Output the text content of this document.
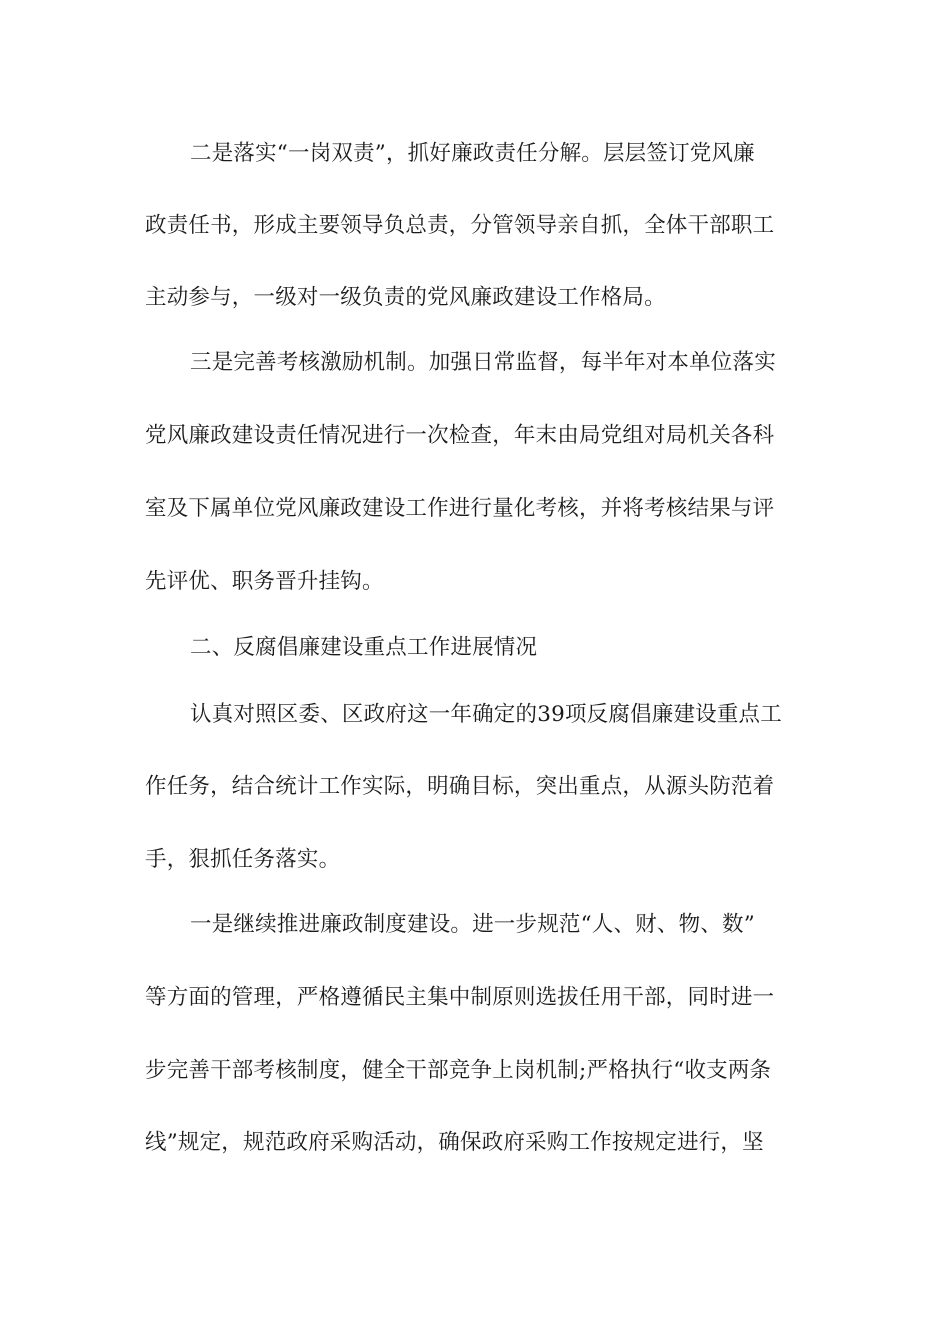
二是落实“一岗双责”，抓好廉政责任分解。层层签订党风廉
政责任书，形成主要领导负总责，分管领导亲自抓，全体干部职工
主动参与，一级对一级负责的党风廉政建设工作格局。
三是完善考核激励机制。加强日常监督，每半年对本单位落实
党风廉政建设责任情况进行一次检查，年末由局党组对局机关各科
室及下属单位党风廉政建设工作进行量化考核，并将考核结果与评
先评优、职务晋升挂钩。
二、反腐倡廉建设重点工作进展情况
认真对照区委、区政府这一年确定的39项反腐倡廉建设重点工
作任务，结合统计工作实际，明确目标，突出重点，从源头防范着
手，狠抓任务落实。
一是继续推进廉政制度建设。进一步规范“人、财、物、数”
等方面的管理，严格遵循民主集中制原则选拔任用干部，同时进一
步完善干部考核制度，健全干部竞争上岗机制;严格执行“收支两条
线”规定，规范政府采购活动，确保政府采购工作按规定进行，坚
